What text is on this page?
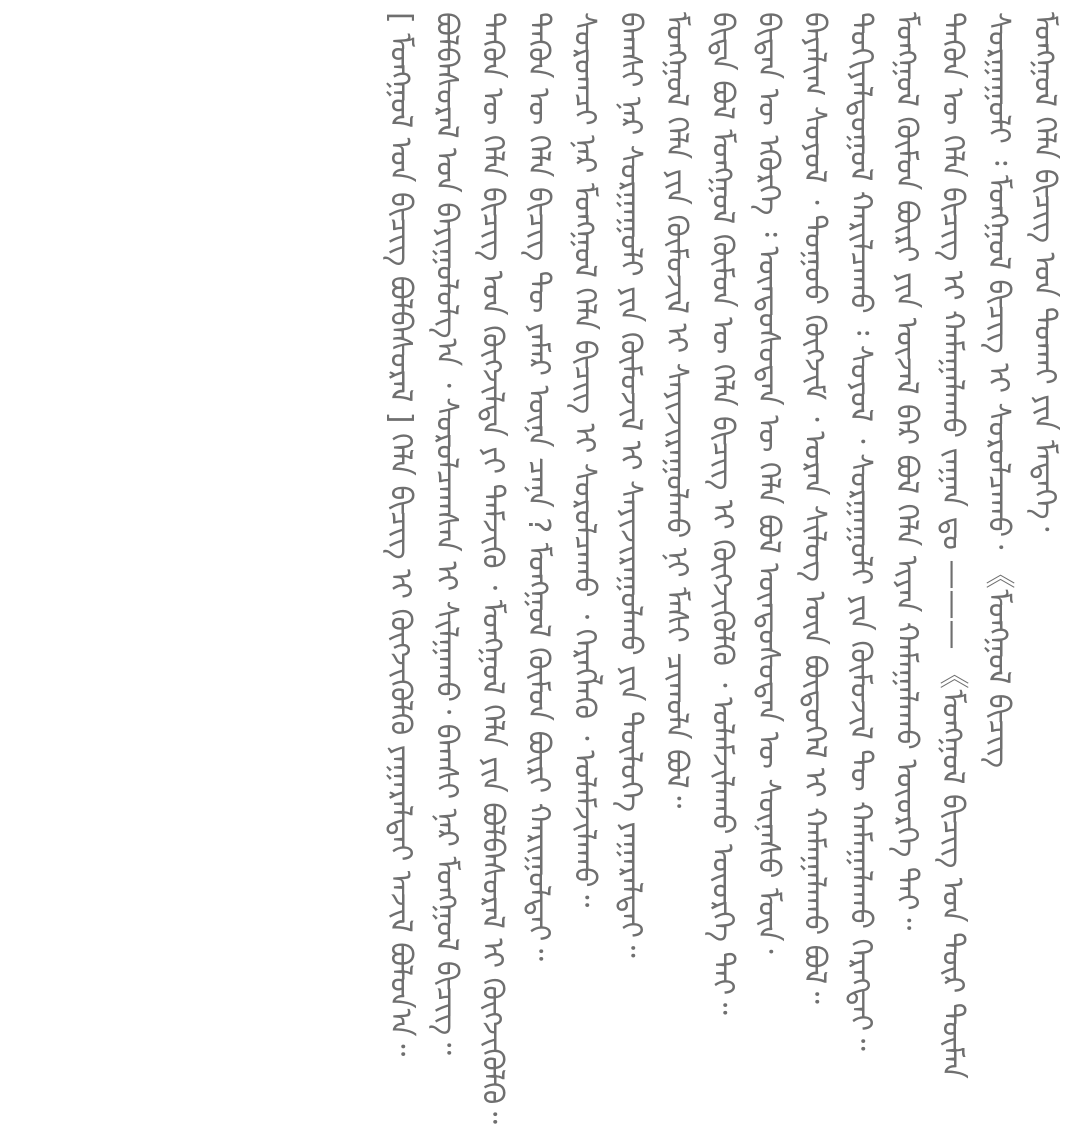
ᠮᠣᠩᠭᠤᠯ ᠬᠡᠯᠡ ᠪᠢᠴᠢᠭ ᠤᠨ ᠲᠤᠬᠠᠢ ᠶᠢᠨ ᠮᠡᠳᠡᠭᠡ᠂
ᠰᠤᠷᠭᠠᠭᠤᠯᠢ ᠄ ᠮᠣᠩᠭᠤᠯ ᠪᠢᠴᠢᠭ ᠢ ᠰᠤᠷᠤᠯᠴᠠᠬᠤ᠂ 《ᠮᠣᠩᠭᠤᠯ ᠪᠢᠴᠢᠭ᠌
ᠲᠡᠭᠦᠨ ᠦ ᠬᠡᠯᠡ ᠪᠢᠴᠢᠭ ᠢ ᠬᠠᠮᠠᠭᠠᠯᠠᠬᠤ ᠵᠠᠭᠠᠨ ᠳᠤ ——— 《ᠮᠣᠩᠭᠤᠯ ᠪᠢᠴᠢᠭ ᠤᠨ ᠲᠦᠷ ᠲᠦᠮᠡᠨ
ᠮᠣᠩᠭᠤᠯ ᠬᠦᠮᠦᠨ ᠪᠦᠷᠢ ᠶᠢᠨ ᠦᠵᠡᠯ ᠪᠠᠷ ᠪᠣᠯ ᠬᠡᠯᠡ ᠢᠶᠡᠨ ᠬᠠᠮᠠᠭᠠᠯᠠᠬᠤ ᠦᠦᠷᠭᠡ ᠲᠠᠢ᠃
ᠲᠣᠬᠢᠶᠠᠯᠳᠤᠭᠤᠯ ᠬᠠᠷᠢᠯᠴᠠᠬᠤ ᠄ ᠰᠣᠶᠣᠯ ᠂ ᠰᠤᠷᠭᠠᠭᠤᠯᠢ ᠶᠢᠨ ᠬᠦᠮᠦᠵᠢᠯ ᠲᠦ ᠬᠠᠮᠠᠭᠠᠯᠠᠬᠤ ᠬᠡᠷᠡᠭᠲᠡᠢ᠃
ᠪᠠᠶᠠᠯᠢᠭ ᠰᠣᠶᠣᠯ ᠂ ᠳᠤᠭᠤᠤ ᠬᠦᠭᠵᠢᠮ ᠂ ᠤᠷᠠᠨ ᠰᠢᠯᠦᠭ ᠦᠨ ᠪᠦᠲᠦᠭᠡᠯ ᠢ ᠬᠠᠮᠠᠭᠠᠯᠠᠬᠤ ᠪᠣᠯ᠃
ᠪᠢᠳᠡᠨ ᠦ ᠡᠭᠦᠷᠭᠡ ᠄ ᠦᠨᠳᠦᠰᠦᠲᠡᠨ ᠦ ᠬᠡᠯᠡ ᠪᠣᠯ ᠦᠨᠳᠦᠰᠦᠲᠡᠨ ᠦ ᠰᠦᠨᠡᠰᠦ ᠮᠥᠨ᠂
ᠪᠢᠳᠡ ᠪᠣᠯ ᠮᠣᠩᠭᠤᠯ ᠬᠦᠮᠦᠨ ᠦ ᠬᠡᠯᠡ ᠪᠢᠴᠢᠭ ᠢ ᠬᠥᠭᠵᠢᠭᠦᠯᠬᠦ ᠂ ᠤᠯᠠᠮᠵᠢᠯᠠᠬᠤ ᠦᠦᠷᠭᠡ ᠲᠠᠢ᠃
ᠮᠣᠩᠭᠤᠯ ᠬᠡᠯᠡ ᠶᠢᠨ ᠬᠦᠮᠦᠵᠢᠯ ᠢ ᠰᠠᠶᠢᠵᠢᠷᠠᠭᠤᠯᠬᠤ ᠨᠢ ᠮᠠᠰᠢ ᠴᠢᠬᠤᠯᠠ ᠪᠣᠯ᠃
ᠪᠠᠭᠰᠢ ᠨᠠᠷ ᠰᠤᠷᠭᠠᠭᠤᠯᠢ ᠶᠢᠨ ᠬᠦᠮᠦᠵᠢᠯ ᠢ ᠰᠠᠶᠢᠵᠢᠷᠠᠭᠤᠯᠬᠤ ᠶᠢᠨ ᠲᠥᠯᠥᠭᠡ ᠶᠠᠭᠠᠷᠠᠯᠲᠠᠢ᠃
ᠰᠤᠷᠤᠭᠴᠢ ᠨᠠᠷ ᠮᠣᠩᠭᠤᠯ ᠬᠡᠯᠡ ᠪᠢᠴᠢᠭ ᠢ ᠰᠤᠷᠤᠯᠴᠠᠬᠤ ᠂ ᠬᠡᠷᠡᠭᠯᠡᠬᠦ ᠂ ᠤᠯᠠᠮᠵᠢᠯᠠᠬᠤ᠃
ᠲᠡᠭᠦᠨ ᠦ ᠬᠡᠯᠡ ᠪᠢᠴᠢᠭ ᠲᠦ ᠶᠠᠮᠠᠷ ᠦᠨᠡ ᠴᠡᠨᠡ ? ᠮᠣᠩᠭᠤᠯ ᠬᠦᠮᠦᠨ ᠪᠦᠷᠢ ᠬᠠᠷᠢᠭᠤᠯᠲᠠᠢ᠃
ᠲᠡᠭᠦᠨ ᠦ ᠬᠡᠯᠡ ᠪᠢᠴᠢᠭ ᠤᠨ ᠬᠥᠭᠵᠢᠯᠲᠡ ᠶᠢ ᠳᠡᠮᠵᠢᠬᠦ ᠂ ᠮᠣᠩᠭᠤᠯ ᠬᠡᠯᠡ ᠶᠢᠨ ᠪᠣᠯᠪᠠᠰᠤᠷᠠᠯ ᠢ ᠬᠥᠭᠵᠢᠭᠦᠯᠬᠦ᠃
ᠪᠣᠯᠪᠠᠰᠤᠷᠠᠯ ᠤᠨ ᠪᠠᠶᠢᠭᠤᠯᠤᠯᠭ᠎ᠠ ᠂ ᠰᠤᠷᠤᠯᠴᠠᠭᠰᠠᠨ ᠢ ᠰᠢᠯᠭᠠᠬᠤ᠂ ᠪᠠᠭᠰᠢ ᠨᠠᠷ ᠮᠣᠩᠭᠤᠯ ᠪᠢᠴᠢᠭ᠌᠃
[ ᠮᠣᠩᠭᠤᠯ ᠤᠨ ᠪᠢᠴᠢᠭ ᠪᠣᠯᠪᠠᠰᠤᠷᠠᠯ ] ᠬᠡᠯᠡ ᠪᠢᠴᠢᠭ ᠢ ᠬᠥᠭᠵᠢᠭᠦᠯᠬᠦ ᠶᠠᠭᠠᠷᠠᠯᠲᠠᠢ ᠠᠵᠢᠯ ᠪᠣᠯᠤᠨ᠎ᠠ᠃
